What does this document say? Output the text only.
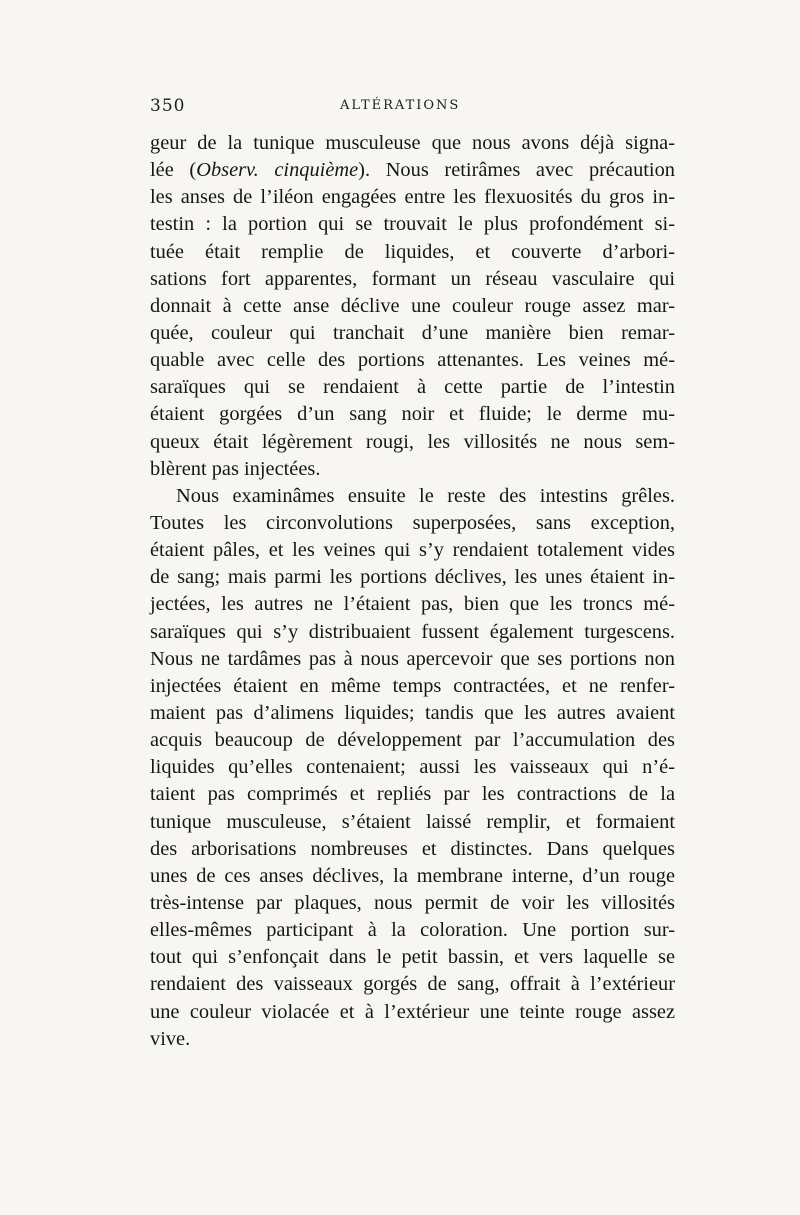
350	ALTÉRATIONS
geur de la tunique musculeuse que nous avons déjà signa-
lée (Observ. cinquième). Nous retirâmes avec précaution
les anses de l’iléon engagées entre les flexuosités du gros in-
testin : la portion qui se trouvait le plus profondément si-
tuée était remplie de liquides, et couverte d’arbori-
sations fort apparentes, formant un réseau vasculaire qui
donnait à cette anse déclive une couleur rouge assez mar-
quée, couleur qui tranchait d’une manière bien remar-
quable avec celle des portions attenantes. Les veines mé-
saraïques qui se rendaient à cette partie de l’intestin
étaient gorgées d’un sang noir et fluide; le derme mu-
queux était légèrement rougi, les villosités ne nous sem-
blèrent pas injectées.
Nous examinâmes ensuite le reste des intestins grêles.
Toutes les circonvolutions superposées, sans exception,
étaient pâles, et les veines qui s’y rendaient totalement vides
de sang; mais parmi les portions déclives, les unes étaient in-
jectées, les autres ne l’étaient pas, bien que les troncs mé-
saraïques qui s’y distribuaient fussent également turgescens.
Nous ne tardâmes pas à nous apercevoir que ses portions non
injectées étaient en même temps contractées, et ne renfer-
maient pas d’alimens liquides; tandis que les autres avaient
acquis beaucoup de développement par l’accumulation des
liquides qu’elles contenaient; aussi les vaisseaux qui n’é-
taient pas comprimés et repliés par les contractions de la
tunique musculeuse, s’étaient laissé remplir, et formaient
des arborisations nombreuses et distinctes. Dans quelques
unes de ces anses déclives, la membrane interne, d’un rouge
très-intense par plaques, nous permit de voir les villosités
elles-mêmes participant à la coloration. Une portion sur-
tout qui s’enfonçait dans le petit bassin, et vers laquelle se
rendaient des vaisseaux gorgés de sang, offrait à l’extérieur
une couleur violacée et à l’extérieur une teinte rouge assez
vive.
